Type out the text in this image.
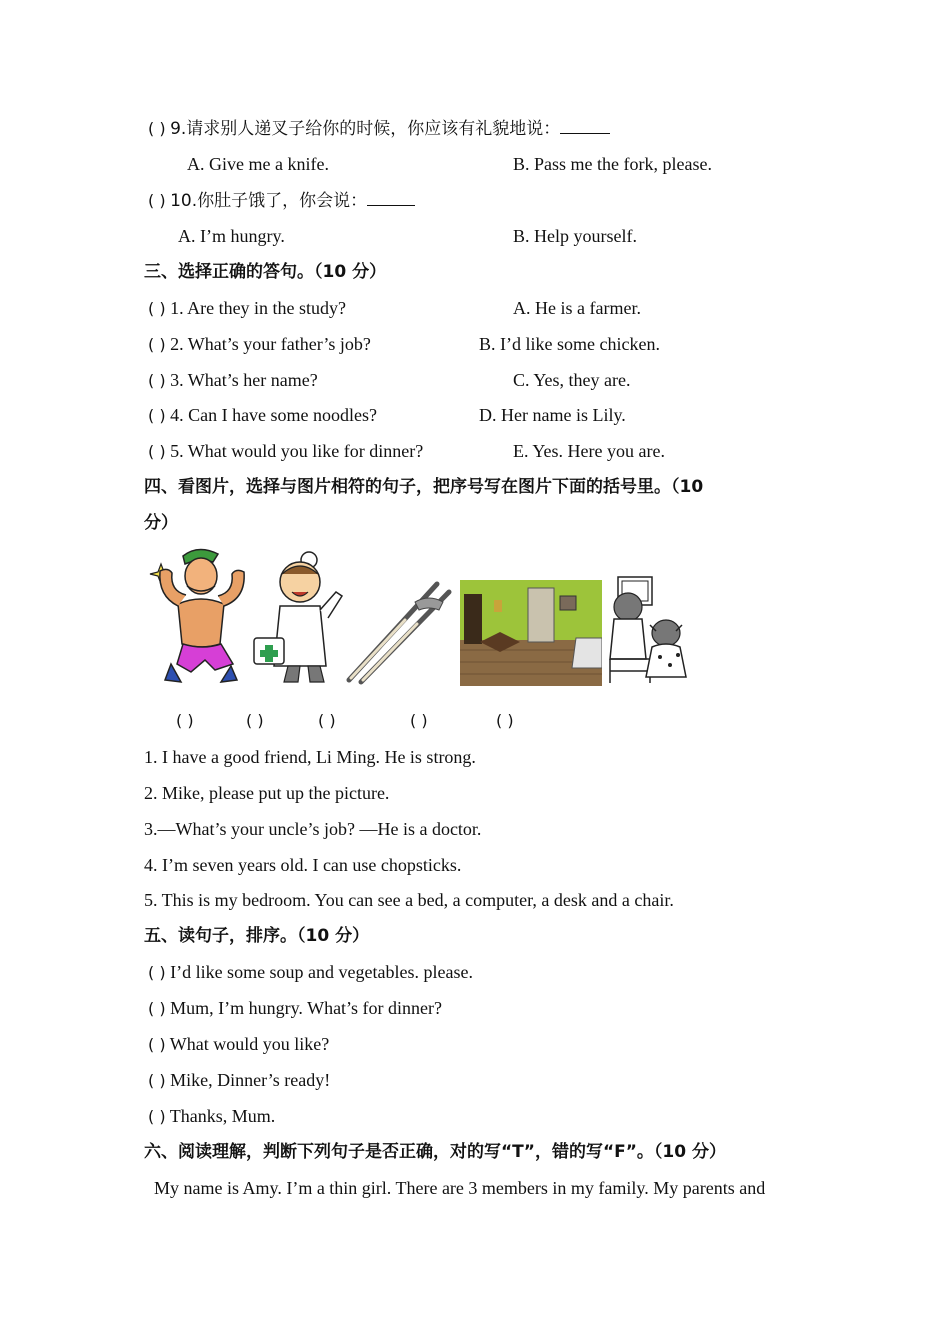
( ) 9.请求别人递叉子给你的时候，你应该有礼貌地说：
A. Give me a knife.	B. Pass me the fork, please.
( ) 10.你肚子饿了，你会说：
A. I’m hungry.	B. Help yourself.
三、选择正确的答句。（10 分）
( ) 1. Are they in the study?	A. He is a farmer.
( ) 2. What’s your father’s job?	B. I’d like some chicken.
( ) 3. What’s her name?	C. Yes, they are.
( ) 4. Can I have some noodles?	D. Her name is Lily.
( ) 5. What would you like for dinner?	E. Yes. Here you are.
四、看图片，选择与图片相符的句子，把序号写在图片下面的括号里。（10
分）
( )	( )	( )	( )	( )
1. I have a good friend, Li Ming. He is strong.
2. Mike, please put up the picture.
3.—What’s your uncle’s job? —He is a doctor.
4. I’m seven years old. I can use chopsticks.
5. This is my bedroom. You can see a bed, a computer, a desk and a chair.
五、读句子，排序。（10 分）
( ) I’d like some soup and vegetables. please.
( ) Mum, I’m hungry. What’s for dinner?
( ) What would you like?
( ) Mike, Dinner’s ready!
( ) Thanks, Mum.
六、阅读理解，判断下列句子是否正确，对的写“T”，错的写“F”。（10 分）
My name is Amy. I’m a thin girl. There are 3 members in my family. My parents and
